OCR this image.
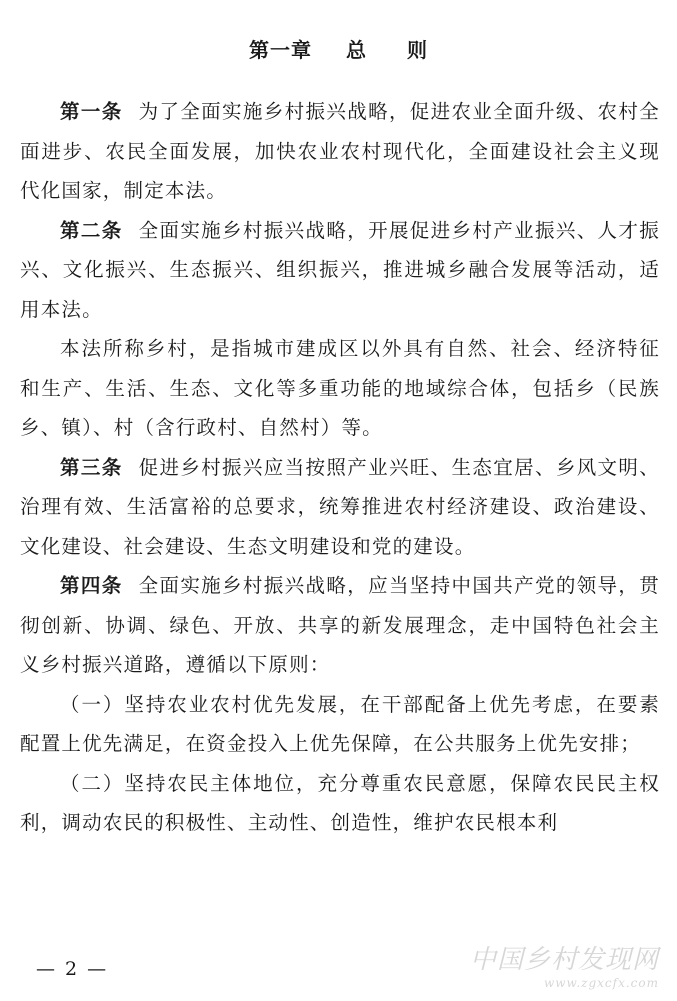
第一章 总 则

第一条 为了全面实施乡村振兴战略，促进农业全面升级、农村全面进步、农民全面发展，加快农业农村现代化，全面建设社会主义现代化国家，制定本法。

第二条 全面实施乡村振兴战略，开展促进乡村产业振兴、人才振兴、文化振兴、生态振兴、组织振兴，推进城乡融合发展等活动，适用本法。

本法所称乡村，是指城市建成区以外具有自然、社会、经济特征和生产、生活、生态、文化等多重功能的地域综合体，包括乡（民族乡、镇）、村（含行政村、自然村）等。

第三条 促进乡村振兴应当按照产业兴旺、生态宜居、乡风文明、治理有效、生活富裕的总要求，统筹推进农村经济建设、政治建设、文化建设、社会建设、生态文明建设和党的建设。

第四条 全面实施乡村振兴战略，应当坚持中国共产党的领导，贯彻创新、协调、绿色、开放、共享的新发展理念，走中国特色社会主义乡村振兴道路，遵循以下原则：

（一）坚持农业农村优先发展，在干部配备上优先考虑，在要素配置上优先满足，在资金投入上优先保障，在公共服务上优先安排；

（二）坚持农民主体地位，充分尊重农民意愿，保障农民民主权利，调动农民的积极性、主动性、创造性，维护农民根本利

— 2 —	中国乡村发现网
www.zgxcfx.com
